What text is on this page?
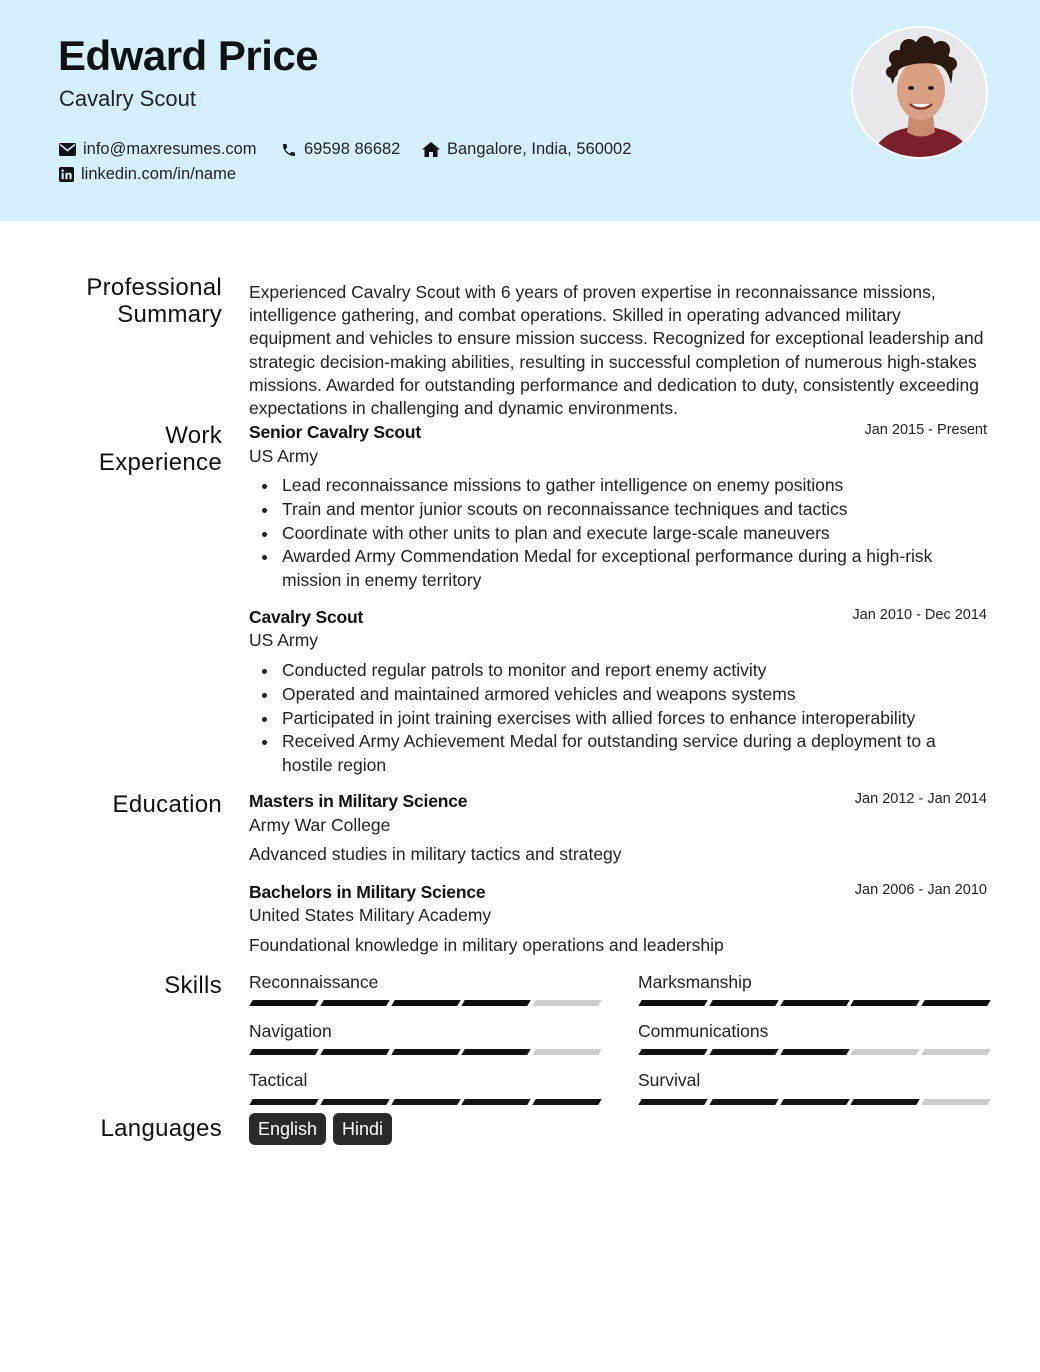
Edward Price
Cavalry Scout
info@maxresumes.com	69598 86682	Bangalore, India, 560002
linkedin.com/in/name
Professional
Summary
Experienced Cavalry Scout with 6 years of proven expertise in reconnaissance missions, intelligence gathering, and combat operations. Skilled in operating advanced military equipment and vehicles to ensure mission success. Recognized for exceptional leadership and strategic decision-making abilities, resulting in successful completion of numerous high-stakes missions. Awarded for outstanding performance and dedication to duty, consistently exceeding expectations in challenging and dynamic environments.
Work
Experience
Senior Cavalry Scout	Jan 2015 - Present
US Army
Lead reconnaissance missions to gather intelligence on enemy positions
Train and mentor junior scouts on reconnaissance techniques and tactics
Coordinate with other units to plan and execute large-scale maneuvers
Awarded Army Commendation Medal for exceptional performance during a high-risk mission in enemy territory
Cavalry Scout	Jan 2010 - Dec 2014
US Army
Conducted regular patrols to monitor and report enemy activity
Operated and maintained armored vehicles and weapons systems
Participated in joint training exercises with allied forces to enhance interoperability
Received Army Achievement Medal for outstanding service during a deployment to a hostile region
Education Masters in Military Science	Jan 2012 - Jan 2014
Army War College
Advanced studies in military tactics and strategy
Bachelors in Military Science	Jan 2006 - Jan 2010
United States Military Academy
Foundational knowledge in military operations and leadership
Skills Reconnaissance	Marksmanship
Navigation	Communications
Tactical	Survival
Languages	English	Hindi
